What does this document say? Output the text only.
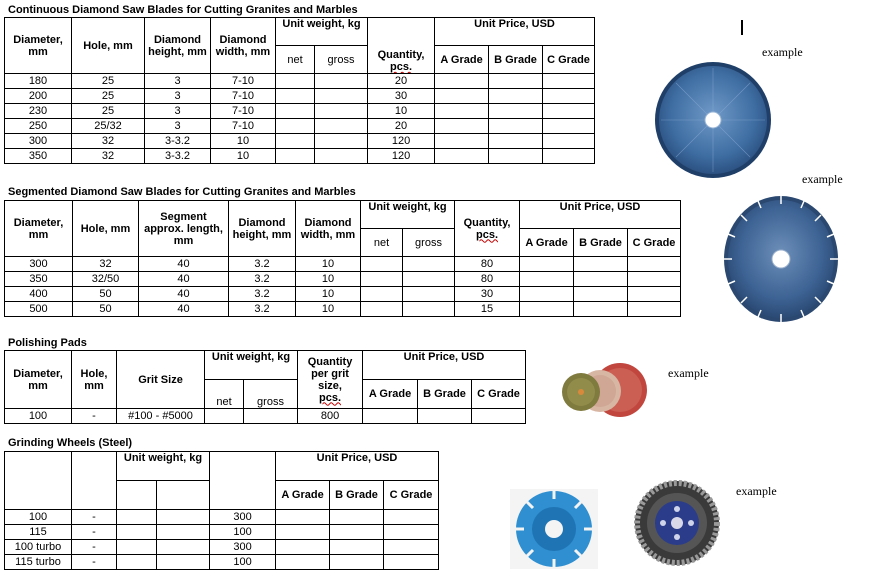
Continuous Diamond Saw Blades for Cutting Granites and Marbles
Diameter, mm	Hole, mm	Diamond height, mm	Diamond width, mm	Unit weight, kg		Quantity,
pcs.	Unit Price, USD		
				net	gross		A Grade	B Grade	C Grade
180	25	3	7-10			20			
200	25	3	7-10			30			
230	25	3	7-10			10			
250	25/32	3	7-10			20			
300	32	3-3.2	10			120			
350	32	3-3.2	10			120			
example
Segmented Diamond Saw Blades for Cutting Granites and Marbles
Diameter, mm	Hole, mm	Segment approx. length, mm	Diamond height, mm	Diamond width, mm	Unit weight, kg		Quantity,
pcs.	Unit Price, USD		
					net	gross		A Grade	B Grade	C Grade
300	32	40	3.2	10			80			
350	32/50	40	3.2	10			80			
400	50	40	3.2	10			30			
500	50	40	3.2	10			15			
example
Polishing Pads
Diameter, mm	Hole, mm	Grit Size	Unit weight, kg		Quantity per grit size,
pcs.	Unit Price, USD		
			net	gross		A Grade	B Grade	C Grade
100	-	#100 - #5000			800			
example
Grinding Wheels (Steel)
		Unit weight, kg			Unit Price, USD		
					A Grade	B Grade	C Grade

100	-			300			
115	-			100			
100 turbo	-			300			
115 turbo	-			100			
example
